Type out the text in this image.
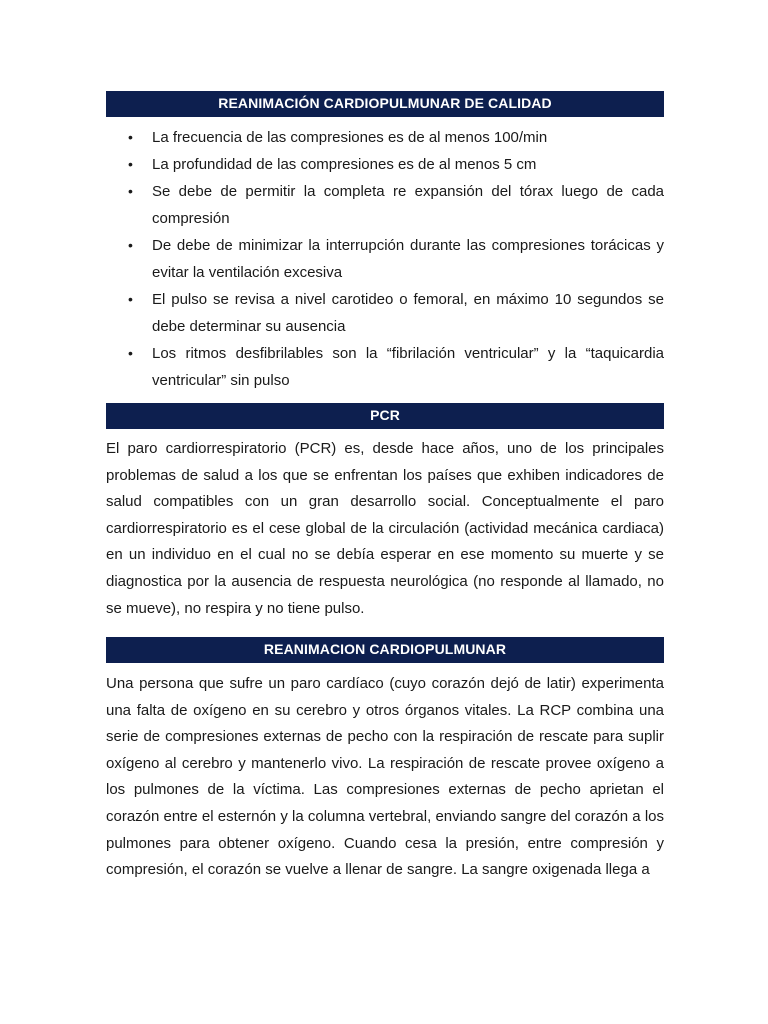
REANIMACIÓN CARDIOPULMUNAR DE CALIDAD
• La frecuencia de las compresiones es de al menos 100/min
• La profundidad de las compresiones es de al menos 5 cm
• Se debe de permitir la completa re expansión del tórax luego de cada compresión
• De debe de minimizar la interrupción durante las compresiones torácicas y evitar la ventilación excesiva
• El pulso se revisa a nivel carotideo o femoral, en máximo 10 segundos se debe determinar su ausencia
• Los ritmos desfibrilables son la “fibrilación ventricular” y la “taquicardia ventricular” sin pulso
PCR

El paro cardiorrespiratorio (PCR) es, desde hace años, uno de los principales problemas de salud a los que se enfrentan los países que exhiben indicadores de salud compatibles con un gran desarrollo social. Conceptualmente el paro cardiorrespiratorio es el cese global de la circulación (actividad mecánica cardiaca) en un individuo en el cual no se debía esperar en ese momento su muerte y se diagnostica por la ausencia de respuesta neurológica (no responde al llamado, no se mueve), no respira y no tiene pulso.

REANIMACION CARDIOPULMUNAR

Una persona que sufre un paro cardíaco (cuyo corazón dejó de latir) experimenta una falta de oxígeno en su cerebro y otros órganos vitales. La RCP combina una serie de compresiones externas de pecho con la respiración de rescate para suplir oxígeno al cerebro y mantenerlo vivo. La respiración de rescate provee oxígeno a los pulmones de la víctima. Las compresiones externas de pecho aprietan el corazón entre el esternón y la columna vertebral, enviando sangre del corazón a los pulmones para obtener oxígeno. Cuando cesa la presión, entre compresión y compresión, el corazón se vuelve a llenar de sangre. La sangre oxigenada llega a
